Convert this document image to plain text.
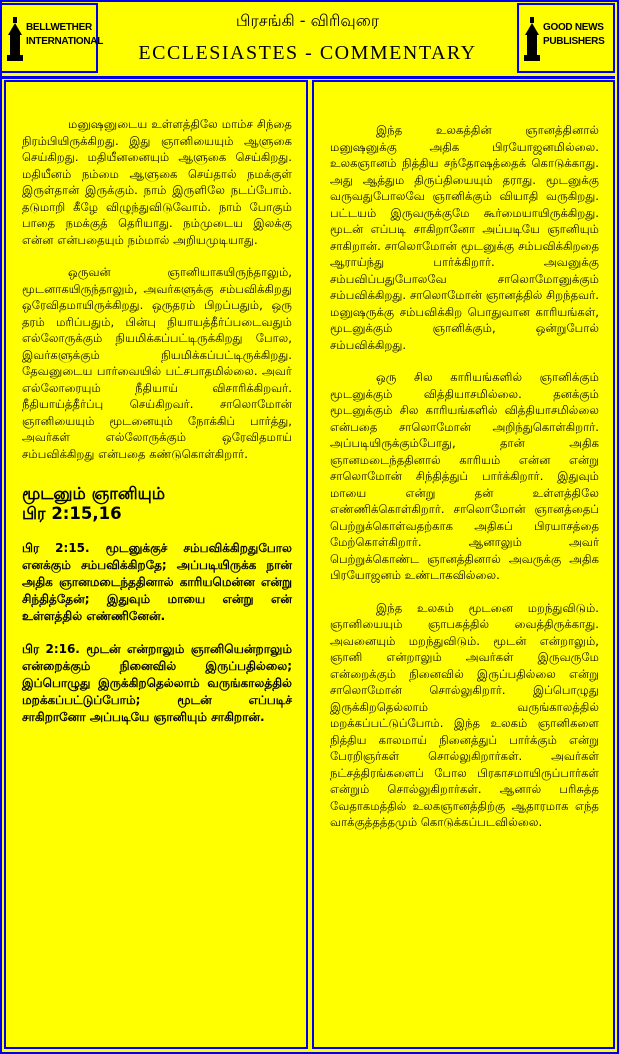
BELLWETHER
INTERNATIONAL
பிரசங்கி - விரிவுரை
ECCLESIASTES - COMMENTARY
GOOD NEWS
PUBLISHERS

மனுஷனுடைய உள்ளத்திலே மாம்ச சிந்தை நிரம்பியிருக்கிறது. இது ஞானியையும் ஆளுகை செய்கிறது. மதியீனனையும் ஆளுகை செய்கிறது. மதியீனம் நம்மை ஆளுகை செய்தால் நமக்குள் இருள்தான் இருக்கும். நாம் இருளிலே நடப்போம். தடுமாறி கீழே விழுந்துவிடுவோம். நாம் போகும் பாதை நமக்குத் தெரியாது. நம்முடைய இலக்கு என்ன என்பதையும் நம்மால் அறியமுடியாது.

ஒருவன் ஞானியாகயிருந்தாலும், மூடனாகயிருந்தாலும், அவர்களுக்கு சம்பவிக்கிறது ஒரேவிதமாயிருக்கிறது. ஒருதரம் பிறப்பதும், ஒரு தரம் மரிப்பதும், பின்பு நியாயத்தீர்ப்படைவதும் எல்லோருக்கும் நியமிக்கப்பட்டிருக்கிறது போல, இவர்களுக்கும் நியமிக்கப்பட்டிருக்கிறது. தேவனுடைய பார்வையில் பட்சபாதமில்லை. அவர் எல்லோரையும் நீதியாய் விசாரிக்கிறவர். நீதியாய்த்தீர்ப்பு செய்கிறவர். சாலொமோன் ஞானியையும் மூடனையும் நோக்கிப் பார்த்து, அவர்கள் எல்லோருக்கும் ஒரேவிதமாய் சம்பவிக்கிறது என்பதை கண்டுகொள்கிறார்.

மூடனும் ஞானியும்
பிர 2:15,16

பிர 2:15. மூடனுக்குச் சம்பவிக்கிறதுபோல எனக்கும் சம்பவிக்கிறதே; அப்படியிருக்க நான் அதிக ஞானமடைந்ததினால் காரியமென்ன என்று சிந்தித்தேன்; இதுவும் மாயை என்று என் உள்ளத்தில் எண்ணினேன்.

பிர 2:16. மூடன் என்றாலும் ஞானியென்றாலும் என்றைக்கும் நினைவில் இருப்பதில்லை; இப்பொழுது இருக்கிறதெல்லாம் வருங்காலத்தில் மறக்கப்பட்டுப்போம்; மூடன் எப்படிச் சாகிறானோ அப்படியே ஞானியும் சாகிறான்.

இந்த உலகத்தின் ஞானத்தினால் மனுஷனுக்கு அதிக பிரயோஜனமில்லை. உலகஞானம் நித்திய சந்தோஷத்தைக் கொடுக்காது. அது ஆத்தும திருப்தியையும் தராது. மூடனுக்கு வருவதுபோலவே ஞானிக்கும் வியாதி வருகிறது. பட்டயம் இருவருக்குமே கூர்மையாயிருக்கிறது. மூடன் எப்படி சாகிறானோ அப்படியே ஞானியும் சாகிறான். சாலொமோன் மூடனுக்கு சம்பவிக்கிறதை ஆராய்ந்து பார்க்கிறார். அவனுக்கு சம்பவிப்பதுபோலவே சாலொமோனுக்கும் சம்பவிக்கிறது. சாலொமோன் ஞானத்தில் சிறந்தவர். மனுஷருக்கு சம்பவிக்கிற பொதுவான காரியங்கள், மூடனுக்கும் ஞானிக்கும், ஒன்றுபோல் சம்பவிக்கிறது.

ஒரு சில காரியங்களில் ஞானிக்கும் மூடனுக்கும் வித்தியாசமில்லை. தனக்கும் மூடனுக்கும் சில காரியங்களில் வித்தியாசமில்லை என்பதை சாலொமோன் அறிந்துகொள்கிறார். அப்படியிருக்கும்போது, தான் அதிக ஞானமடைந்ததினால் காரியம் என்ன என்று சாலொமோன் சிந்தித்துப் பார்க்கிறார். இதுவும் மாயை என்று தன் உள்ளத்திலே எண்ணிக்கொள்கிறார். சாலொமோன் ஞானத்தைப் பெற்றுக்கொள்வதற்காக அதிகப் பிரயாசத்தை மேற்கொள்கிறார். ஆனாலும் அவர் பெற்றுக்கொண்ட ஞானத்தினால் அவருக்கு அதிக பிரயோஜனம் உண்டாகவில்லை.

இந்த உலகம் மூடனை மறந்துவிடும். ஞானியையும் ஞாபகத்தில் வைத்திருக்காது. அவனையும் மறந்துவிடும். மூடன் என்றாலும், ஞானி என்றாலும் அவர்கள் இருவருமே என்றைக்கும் நினைவில் இருப்பதில்லை என்று சாலொமோன் சொல்லுகிறார். இப்பொழுது இருக்கிறதெல்லாம் வருங்காலத்தில் மறக்கப்பட்டுப்போம். இந்த உலகம் ஞானிகளை நித்திய காலமாய் நினைத்துப் பார்க்கும் என்று பேரறிஞர்கள் சொல்லுகிறார்கள். அவர்கள் நட்சத்திரங்களைப் போல பிரகாசமாயிருப்பார்கள் என்றும் சொல்லுகிறார்கள். ஆனால் பரிசுத்த வேதாகமத்தில் உலகஞானத்திற்கு ஆதாரமாக எந்த வாக்குத்தத்தமும் கொடுக்கப்படவில்லை.
